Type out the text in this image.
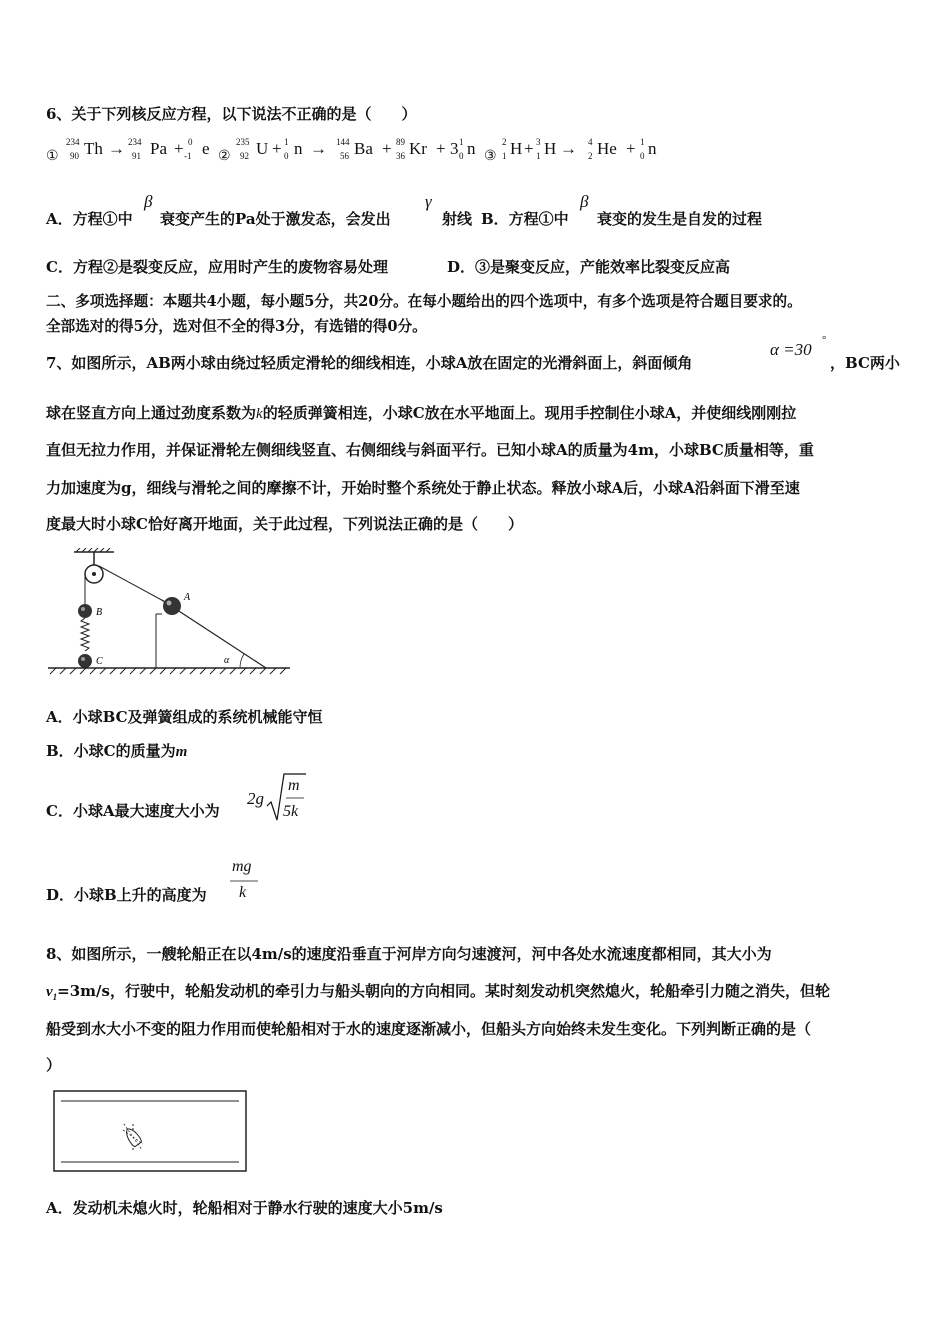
6、关于下列核反应方程，以下说法不正确的是（　　）
①
234
90 Th → 234
91 Pa + 0
-1 e ②
235
92 U + 1
0 n → 144
56 Ba + 89
36 Kr + 3 1
0 n ③
2
1 H + 3
1 H → 4
2 He + 1
0 n
A．方程①中
β
衰变产生的Pa处于激发态，会发出
γ
射线 B．方程①中
β
衰变的发生是自发的过程
C．方程②是裂变反应，应用时产生的废物容易处理	D．③是聚变反应，产能效率比裂变反应高
二、多项选择题：本题共4小题，每小题5分，共20分。在每小题给出的四个选项中，有多个选项是符合题目要求的。
全部选对的得5分，选对但不全的得3分，有选错的得0分。
7、如图所示，AB两小球由绕过轻质定滑轮的细线相连，小球A放在固定的光滑斜面上，斜面倾角
α =30 °
，BC两小
球在竖直方向上通过劲度系数为k的轻质弹簧相连，小球C放在水平地面上。现用手控制住小球A，并使细线刚刚拉
直但无拉力作用，并保证滑轮左侧细线竖直、右侧细线与斜面平行。已知小球A的质量为4m，小球BC质量相等，重
力加速度为g，细线与滑轮之间的摩擦不计，开始时整个系统处于静止状态。释放小球A后，小球A沿斜面下滑至速
度最大时小球C恰好离开地面，关于此过程，下列说法正确的是（　　）
B
C
A
α
A．小球BC及弹簧组成的系统机械能守恒
B．小球C的质量为m
C．小球A最大速度大小为
2g
m
5k
D．小球B上升的高度为
mg
k
8、如图所示，一艘轮船正在以4m/s的速度沿垂直于河岸方向匀速渡河，河中各处水流速度都相同，其大小为
$v_1=3m/s$，行驶中，轮船发动机的牵引力与船头朝向的方向相同。某时刻发动机突然熄火，轮船牵引力随之消失，但轮
船受到水大小不变的阻力作用而使轮船相对于水的速度逐渐减小，但船头方向始终未发生变化。下列判断正确的是（
）
A．发动机未熄火时，轮船相对于静水行驶的速度大小5m/s
